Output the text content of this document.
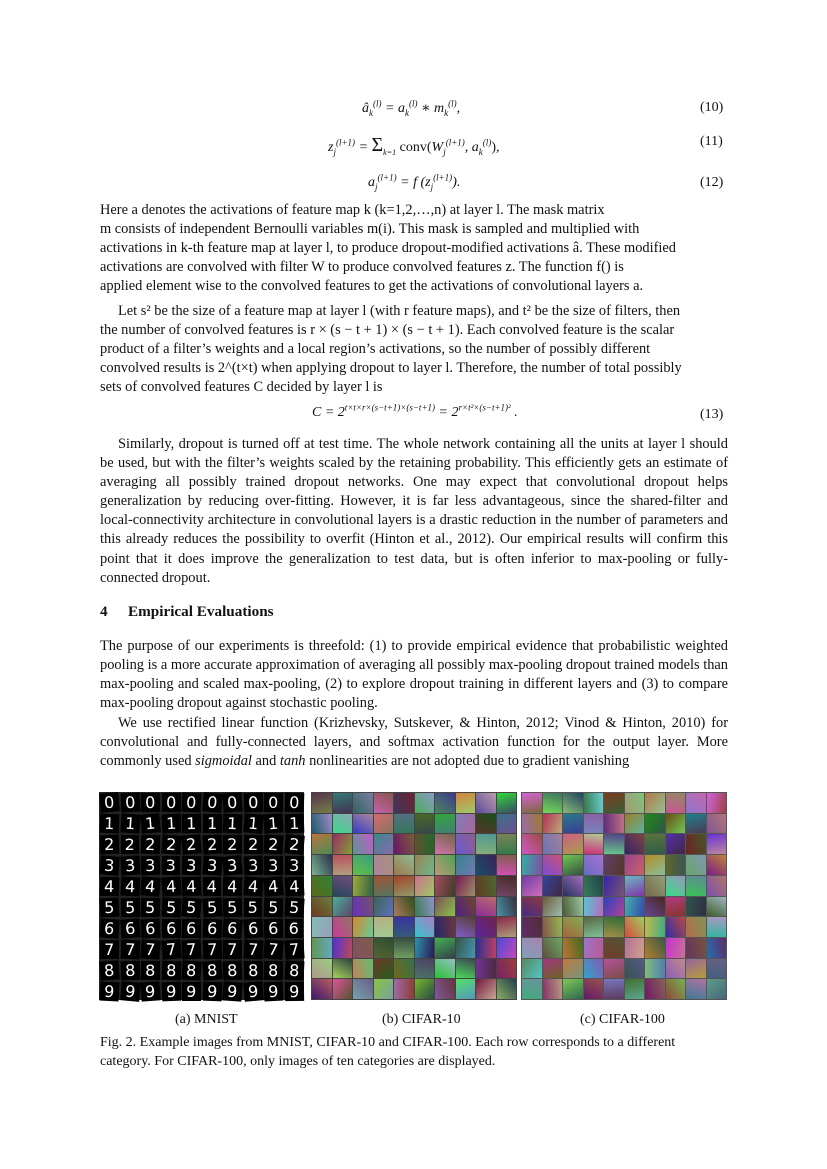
$â_k^{(l)} = a_k^{(l)}$ ∗ $m_k^{(l)}$,	(10)
$z_j^{(l+1)} = \Sigma_{k=1}$ $conv(W_j^{(l+1)}$, $a_k^{(l)}$),	(11)
$a_j^{(l+1)} = f$ $(z_j^{(l+1)})$.	(12)

Here a denotes the activations of feature map k (k=1,2,…,n) at layer l. The mask matrix

m consists of independent Bernoulli variables m(i). This mask is sampled and multiplied with

activations in k-th feature map at layer l, to produce dropout-modified activations â. These modified

activations are convolved with filter W to produce convolved features z. The function f() is

applied element wise to the convolved features to get the activations of convolutional layers a.

Let s² be the size of a feature map at layer l (with r feature maps), and t² be the size of filters, then

the number of convolved features is r × (s − t + 1) × (s − t + 1). Each convolved feature is the scalar

product of a filter’s weights and a local region’s activations, so the number of possibly different

convolved results is 2^(t×t) when applying dropout to layer l. Therefore, the number of total possibly

sets of convolved features C decided by layer l is

$C = 2^{t\times t\times r\times(s-t+1)\times(s-t+1)} = 2^{r\times t^2\times(s-t+1)^2}$ .	(13)

Similarly, dropout is turned off at test time. The whole network containing all the units at layer l should be used, but with the filter’s weights scaled by the retaining probability. This efficiently gets an estimate of averaging all possibly trained dropout networks. One may expect that convolutional dropout helps generalization by reducing over-fitting. However, it is far less advantageous, since the shared-filter and local-connectivity architecture in convolutional layers is a drastic reduction in the number of parameters and this already reduces the possibility to overfit (Hinton et al., 2012). Our empirical results will confirm this point that it does improve the generalization to test data, but is often inferior to max-pooling or fully-connected dropout.

4 Empirical Evaluations

The purpose of our experiments is threefold: (1) to provide empirical evidence that probabilistic weighted pooling is a more accurate approximation of averaging all possibly max-pooling dropout trained models than max-pooling and scaled max-pooling, (2) to explore dropout training in different layers and (3) to compare max-pooling dropout against stochastic pooling.

We use rectified linear function (Krizhevsky, Sutskever, & Hinton, 2012; Vinod & Hinton, 2010) for convolutional and fully-connected layers, and softmax activation function for the output layer. More commonly used sigmoidal and tanh nonlinearities are not adopted due to gradient vanishing

0 0 0 0 0 0 0 0 0 0
1 1 1 1 1 1 1 1 1 1
2 2 2 2 2 2 2 2 2 2
3 3 3 3 3 3 3 3 3 3
4 4 4 4 4 4 4 4 4 4
5 5 5 5 5 5 5 5 5 5
6 6 6 6 6 6 6 6 6 6
7 7 7 7 7 7 7 7 7 7
8 8 8 8 8 8 8 8 8 8
9 9 9 9 9 9 9 9 9 9
(a) MNIST	(b) CIFAR-10	(c) CIFAR-100
Fig. 2. Example images from MNIST, CIFAR-10 and CIFAR-100. Each row corresponds to a different category. For CIFAR-100, only images of ten categories are displayed.
